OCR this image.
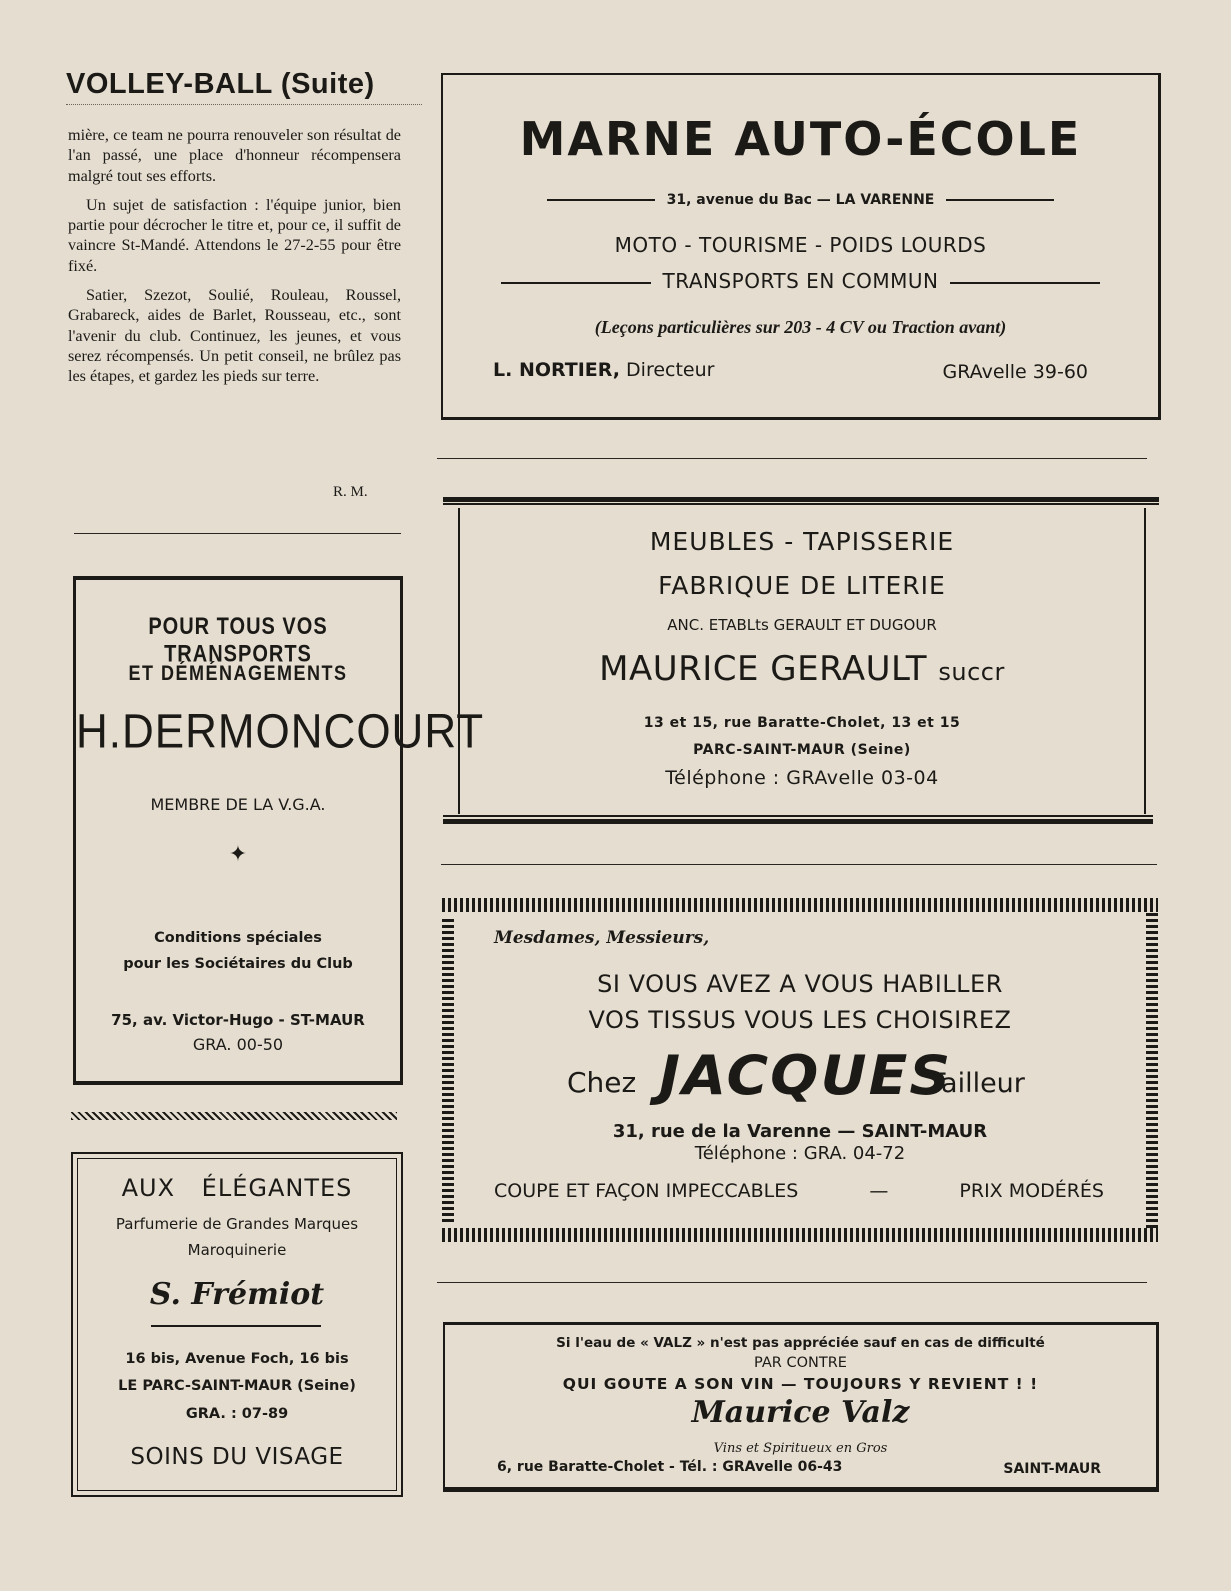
VOLLEY-BALL (Suite)

mière, ce team ne pourra renouveler son résultat de l'an passé, une place d'honneur récompensera malgré tout ses efforts.

Un sujet de satisfaction : l'équipe junior, bien partie pour décrocher le titre et, pour ce, il suffit de vaincre St-Mandé. Attendons le 27-2-55 pour être fixé.

Satier, Szezot, Soulié, Rouleau, Roussel, Grabareck, aides de Barlet, Rousseau, etc., sont l'avenir du club. Continuez, les jeunes, et vous serez récompensés. Un petit conseil, ne brûlez pas les étapes, et gardez les pieds sur terre.

R. M.
MARNE AUTO-ÉCOLE
31, avenue du Bac — LA VARENNE
MOTO - TOURISME - POIDS LOURDS
TRANSPORTS EN COMMUN
(Leçons particulières sur 203 - 4 CV ou Traction avant)
L. NORTIER, Directeur	GRAvelle 39-60
MEUBLES - TAPISSERIE
FABRIQUE DE LITERIE
ANC. ETABLts GERAULT ET DUGOUR
MAURICE GERAULT succr
13 et 15, rue Baratte-Cholet, 13 et 15
PARC-SAINT-MAUR (Seine)
Téléphone : GRAvelle 03-04
Mesdames, Messieurs,
SI VOUS AVEZ A VOUS HABILLER
VOS TISSUS VOUS LES CHOISIREZ
Chez JACQUES
Tailleur
31, rue de la Varenne — SAINT-MAUR
Téléphone : GRA. 04-72
COUPE ET FAÇON IMPECCABLES	—	PRIX MODÉRÉS
Si l'eau de « VALZ » n'est pas appréciée sauf en cas de difficulté
PAR CONTRE
QUI GOUTE A SON VIN — TOUJOURS Y REVIENT ! !
Maurice Valz
Vins et Spiritueux en Gros
6, rue Baratte-Cholet - Tél. : GRAvelle 06-43	SAINT-MAUR
POUR TOUS VOS TRANSPORTS
ET DÉMÉNAGEMENTS
H.DERMONCOURT
MEMBRE DE LA V.G.A.
✦
Conditions spéciales
pour les Sociétaires du Club
75, av. Victor-Hugo - ST-MAUR
GRA. 00-50
AUX ÉLÉGANTES
Parfumerie de Grandes Marques
Maroquinerie
S. Frémiot
16 bis, Avenue Foch, 16 bis
LE PARC-SAINT-MAUR (Seine)
GRA. : 07-89
SOINS DU VISAGE
